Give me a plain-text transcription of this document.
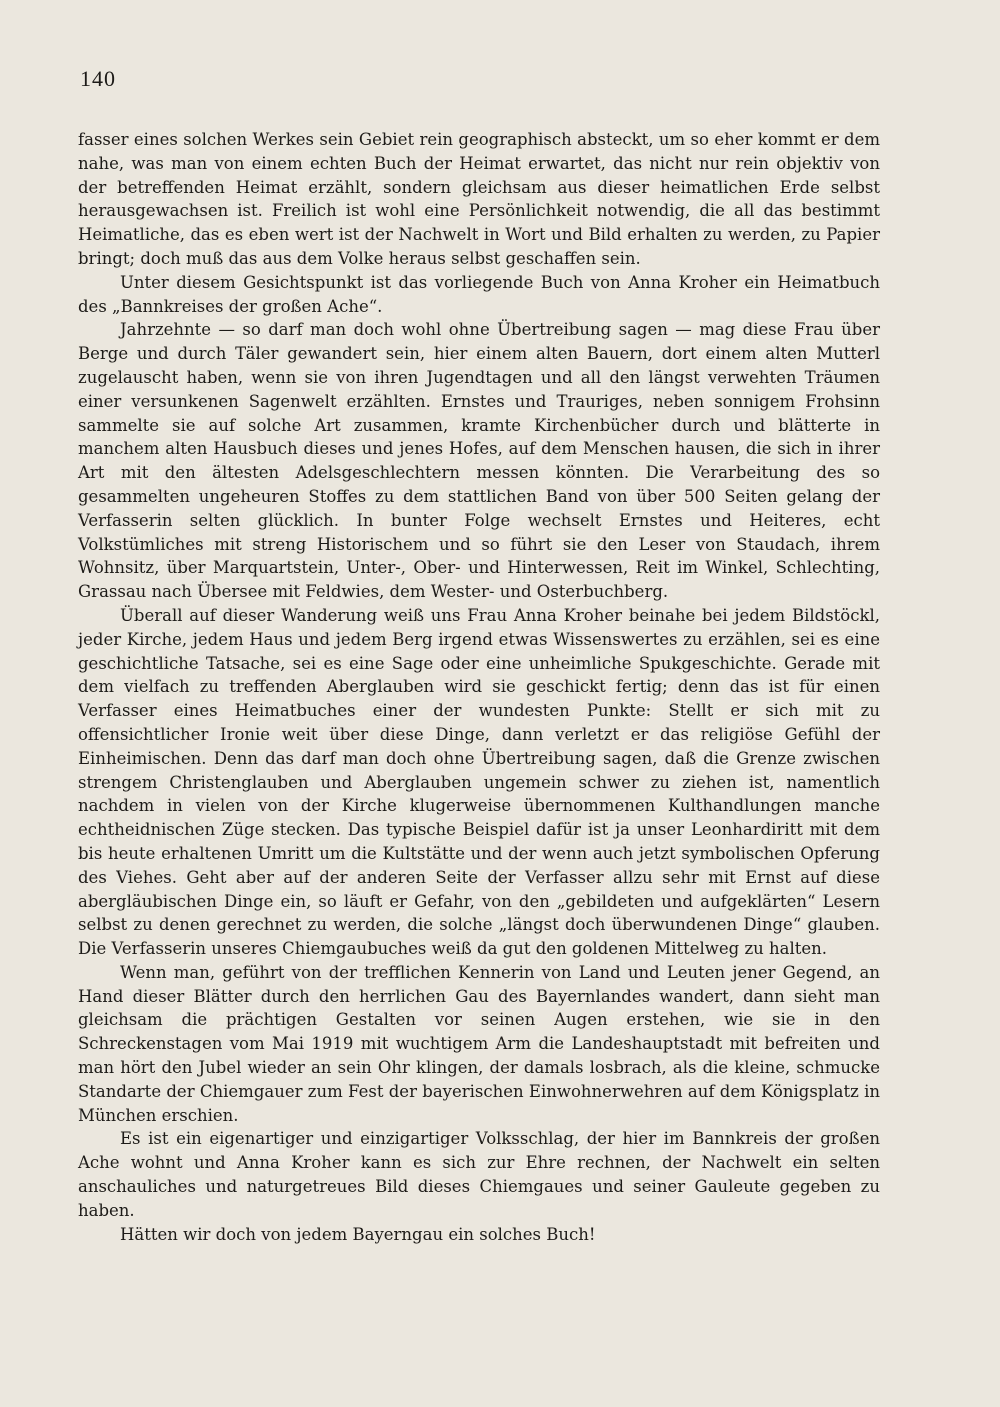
140

fasser eines solchen Werkes sein Gebiet rein geographisch absteckt, um so eher kommt er dem nahe, was man von einem echten Buch der Heimat erwartet, das nicht nur rein objektiv von der betreffenden Heimat erzählt, sondern gleichsam aus dieser heimatlichen Erde selbst herausgewachsen ist. Freilich ist wohl eine Persönlichkeit notwendig, die all das bestimmt Heimatliche, das es eben wert ist der Nachwelt in Wort und Bild erhalten zu werden, zu Papier bringt; doch muß das aus dem Volke heraus selbst geschaffen sein.

Unter diesem Gesichtspunkt ist das vorliegende Buch von Anna Kroher ein Heimatbuch des „Bannkreises der großen Ache“.

Jahrzehnte — so darf man doch wohl ohne Übertreibung sagen — mag diese Frau über Berge und durch Täler gewandert sein, hier einem alten Bauern, dort einem alten Mutterl zugelauscht haben, wenn sie von ihren Jugendtagen und all den längst verwehten Träumen einer versunkenen Sagenwelt erzählten. Ernstes und Trauriges, neben sonnigem Frohsinn sammelte sie auf solche Art zusammen, kramte Kirchenbücher durch und blätterte in manchem alten Hausbuch dieses und jenes Hofes, auf dem Menschen hausen, die sich in ihrer Art mit den ältesten Adelsgeschlechtern messen könnten. Die Verarbeitung des so gesammelten ungeheuren Stoffes zu dem stattlichen Band von über 500 Seiten gelang der Verfasserin selten glücklich. In bunter Folge wechselt Ernstes und Heiteres, echt Volkstümliches mit streng Historischem und so führt sie den Leser von Staudach, ihrem Wohnsitz, über Marquartstein, Unter-, Ober- und Hinterwessen, Reit im Winkel, Schlechting, Grassau nach Übersee mit Feldwies, dem Wester- und Osterbuchberg.

Überall auf dieser Wanderung weiß uns Frau Anna Kroher beinahe bei jedem Bildstöckl, jeder Kirche, jedem Haus und jedem Berg irgend etwas Wissenswertes zu erzählen, sei es eine geschichtliche Tatsache, sei es eine Sage oder eine unheimliche Spukgeschichte. Gerade mit dem vielfach zu treffenden Aberglauben wird sie geschickt fertig; denn das ist für einen Verfasser eines Heimatbuches einer der wundesten Punkte: Stellt er sich mit zu offensichtlicher Ironie weit über diese Dinge, dann verletzt er das religiöse Gefühl der Einheimischen. Denn das darf man doch ohne Übertreibung sagen, daß die Grenze zwischen strengem Christenglauben und Aberglauben ungemein schwer zu ziehen ist, namentlich nachdem in vielen von der Kirche klugerweise übernommenen Kulthandlungen manche echtheidnischen Züge stecken. Das typische Beispiel dafür ist ja unser Leonhardiritt mit dem bis heute erhaltenen Umritt um die Kultstätte und der wenn auch jetzt symbolischen Opferung des Viehes. Geht aber auf der anderen Seite der Verfasser allzu sehr mit Ernst auf diese abergläubischen Dinge ein, so läuft er Gefahr, von den „gebildeten und aufgeklärten“ Lesern selbst zu denen gerechnet zu werden, die solche „längst doch überwundenen Dinge“ glauben. Die Verfasserin unseres Chiemgaubuches weiß da gut den goldenen Mittelweg zu halten.

Wenn man, geführt von der trefflichen Kennerin von Land und Leuten jener Gegend, an Hand dieser Blätter durch den herrlichen Gau des Bayernlandes wandert, dann sieht man gleichsam die prächtigen Gestalten vor seinen Augen erstehen, wie sie in den Schreckenstagen vom Mai 1919 mit wuchtigem Arm die Landeshauptstadt mit befreiten und man hört den Jubel wieder an sein Ohr klingen, der damals losbrach, als die kleine, schmucke Standarte der Chiemgauer zum Fest der bayerischen Einwohnerwehren auf dem Königsplatz in München erschien.

Es ist ein eigenartiger und einzigartiger Volksschlag, der hier im Bannkreis der großen Ache wohnt und Anna Kroher kann es sich zur Ehre rechnen, der Nachwelt ein selten anschauliches und naturgetreues Bild dieses Chiemgaues und seiner Gauleute gegeben zu haben.

Hätten wir doch von jedem Bayerngau ein solches Buch!
